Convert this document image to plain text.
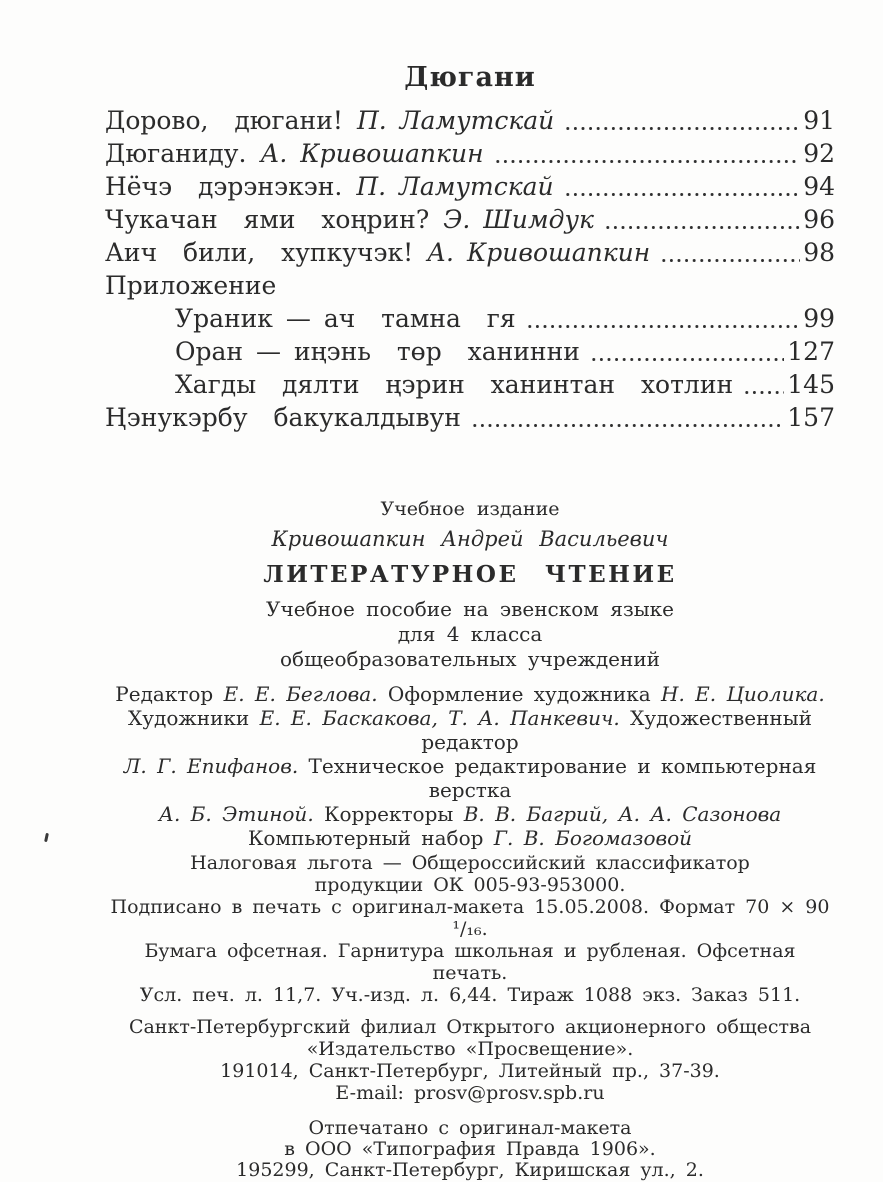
Дюгани
Дорово,  дюгани! П. Ламутскай	91
Дюганиду. А. Кривошапкин	92
Нёчэ  дэрэнэкэн. П. Ламутскай	94
Чукачан  ями  хоңрин? Э. Шимдук	96
Аич  били,  хупкучэк! А. Кривошапкин	98
Приложение
Ураник — ач  тамна  гя	99
Оран — иңэнь  төр  ханинни	127
Хагды  дялти  ңэрин  ханинтан  хотлин 145
Ңэнукэрбу  бакукалдывун	157
Учебное издание
Кривошапкин Андрей Васильевич
ЛИТЕРАТУРНОЕ ЧТЕНИЕ
Учебное пособие на эвенском языке
для 4 класса
общеобразовательных учреждений
Редактор Е. Е. Беглова. Оформление художника Н. Е. Циолика.
Художники Е. Е. Баскакова, Т. А. Панкевич. Художественный редактор
Л. Г. Епифанов. Техническое редактирование и компьютерная верстка
А. Б. Этиной. Корректоры В. В. Багрий, А. А. Сазонова
Компьютерный набор Г. В. Богомазовой
Налоговая льгота — Общероссийский классификатор
продукции ОК 005-93-953000.
Подписано в печать с оригинал-макета 15.05.2008. Формат 70 × 90 ¹/₁₆.
Бумага офсетная. Гарнитура школьная и рубленая. Офсетная печать.
Усл. печ. л. 11,7. Уч.-изд. л. 6,44. Тираж 1088 экз. Заказ 511.
Санкт-Петербургский филиал Открытого акционерного общества
«Издательство «Просвещение».
191014, Санкт-Петербург, Литейный пр., 37-39.
E-mail: prosv@prosv.spb.ru
Отпечатано с оригинал-макета
в ООО «Типография Правда 1906».
195299, Санкт-Петербург, Киришская ул., 2.
